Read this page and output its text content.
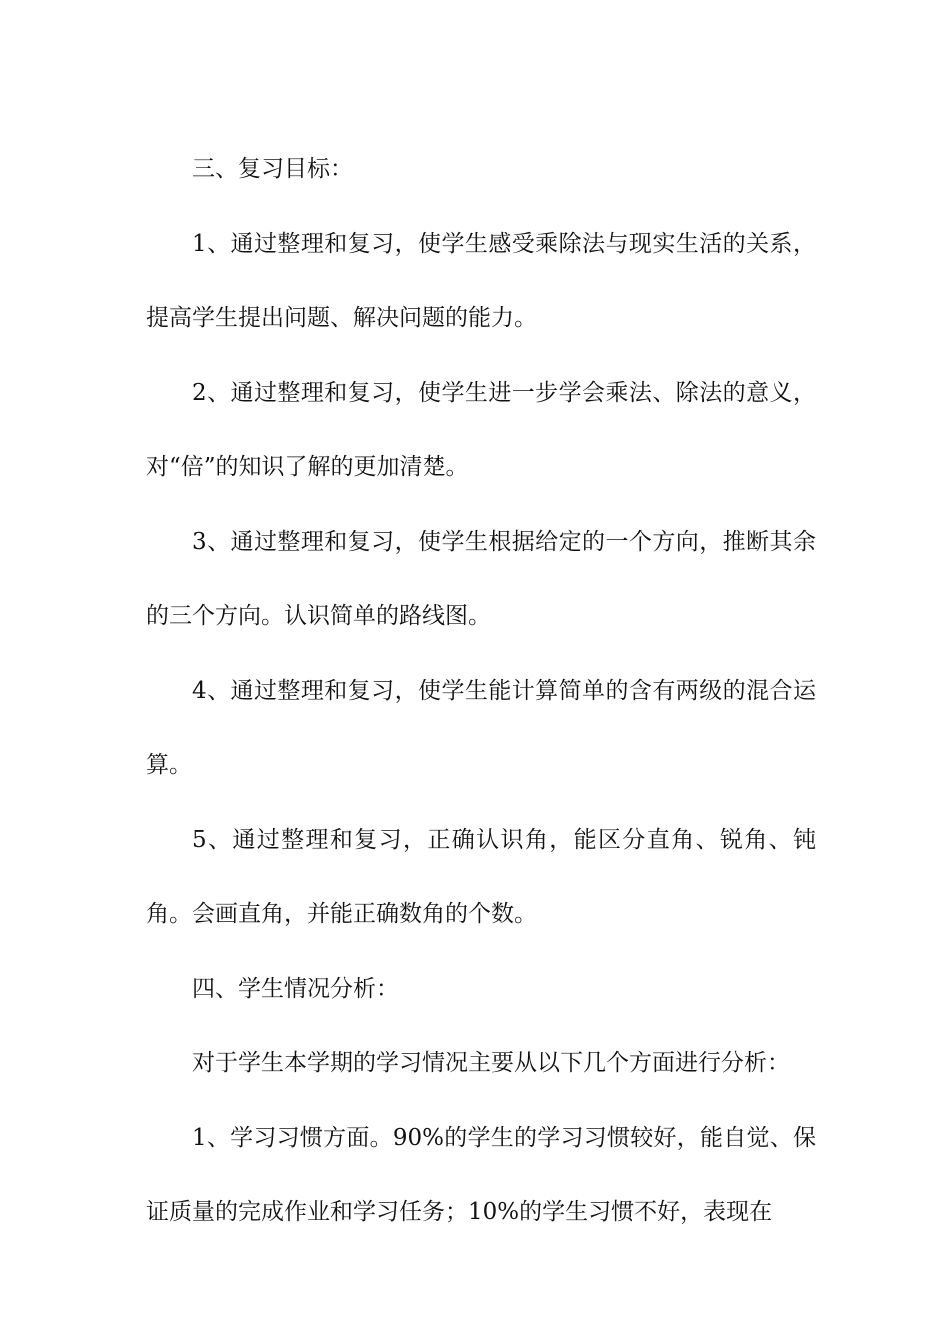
三、复习目标：

1、通过整理和复习，使学生感受乘除法与现实生活的关系，提高学生提出问题、解决问题的能力。

2、通过整理和复习，使学生进一步学会乘法、除法的意义，对“倍”的知识了解的更加清楚。

3、通过整理和复习，使学生根据给定的一个方向，推断其余的三个方向。认识简单的路线图。

4、通过整理和复习，使学生能计算简单的含有两级的混合运算。

5、通过整理和复习，正确认识角，能区分直角、锐角、钝角。会画直角，并能正确数角的个数。

四、学生情况分析：

对于学生本学期的学习情况主要从以下几个方面进行分析：

1、学习习惯方面。90%的学生的学习习惯较好，能自觉、保证质量的完成作业和学习任务；10%的学生习惯不好，表现在
